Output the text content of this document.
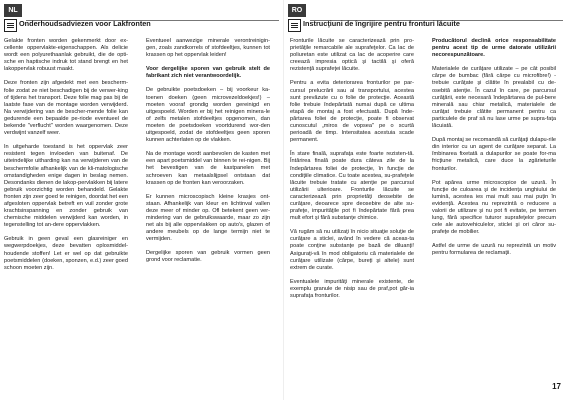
NL
Onderhoudsadviezen voor Lakfronten

Gelakte fronten worden gekenmerkt door ex-cellente oppervlakte-eigenschappen. Als delicie wordt een polyurethaanlak gebruikt, die de opti-sche en haptische indruk tot stand brengt en het lakoppervlak robuust maakt.

Deze fronten zijn afgedekt met een bescherm-folie zodat ze niet beschadigen bij de verwer-king of tijdens het transport. Deze folie mag pas bij de laatste fase van de montage worden verwijderd. Na verwijdering van de bescher-mende folie kan gedurende een bepaalde pe-riode eventueel de bekende "verflucht" worden waargenomen. Deze verdwijnt vanzelf weer.

In uitgeharde toestand is het oppervlak zeer resistent tegen invloeden van buitenaf. De uiteindelijke uitharding kan na verwijderen van de beschermfolie afhankelijk van de kli-matologische omstandigheden enige dagen in beslag nemen. Desondanks dienen de lakop-pervlakken bij latere gebruik voorzichtig worden behandeld. Gelakte fronten zijn zeer goed te reinigen, doordat het een afgesloten oppervlak betreft en vuil zonder grote krachtsinspanning en zonder gebruik van chemische middelen verwijderd kan worden, in tegenstelling tot an-dere oppervlakken.

Gebruik in geen geval een glasreiniger en wegwerpdoekjes, deze bevatten oplosmiddel-houdende stoffen! Let er wel op dat gebruikte poetsmiddelen (doeken, sponzen, e.d.) zeer goed schoon moeten zijn.

Eventueel aanwezige minerale verontreinigin-gen, zoals zandkorrels of stofdeeltjes, kunnen tot krassen op het oppervlak leiden!

Voor dergelijke sporen van gebruik stelt de fabrikant zich niet verantwoordelijk.

De gebruikte poetsdoeken – bij voorkeur ka-toenen doeken (geen microvezeldoekjes!) – moeten vooraf grondig worden gereinigd en uitgespoeld. Worden er bij het reinigen minera-le of zelfs metalen stofdeeltjes opgenomen, dan moeten de poetsdoeken voortdurend wor-den uitgespoeld, zodat de stofdeeltjes geen sporen kunnen achterlaten op de vlakken.

Na de montage wordt aanbevolen de kasten met een apart poetsmiddel van binnen te rei-nigen. Bij het bevestigen van de kastpanelen met schroeven kan metaalslijpsel ontstaan dat krassen op de fronten kan veroorzaken.

Er kunnen microscopisch kleine krasjes ont-staan. Afhankelijk van kleur en lichtinval vallen deze meer of minder op. Ofl betekent geen ver-mindering van de gebruikswaarde, maar zo zijn net als bij alle oppervlakken op auto's, glazen of andere meubels op de lange termijn niet te vermijden.

Dergelijke sporen van gebruik vormen geen grond voor reclamatie.

RO
Instrucţiuni de îngrijire pentru fronturi lăcuite

Fronturile lăcuite se caracterizează prin pro-prietăţile remarcabile ale suprafeţelor. Ca lac de poliuretan este utilizat ca lac de acoperire care creează impresia optică şi tactilă şi oferă rezistenţă suprafeţei lăcuite.

Pentru a evita deteriorarea fronturilor pe par-cursul prelucrării sau al transportului, acestea sunt prevăzute cu o folie de protecţie. Această folie trebuie îndepărtată numai după ce ultima etapă de montaj a fost efectuată. După înde-părtarea foliei de protecţie, poate fi observat cunoscutul „miros de vopsea" pe o scurtă perioadă de timp. Intensitatea acestuia scade permanent.

În stare finală, suprafaţa este foarte rezisten-tă. Întărirea finală poate dura câteva zile de la îndepărtarea foliei de protecţie, în funcţie de condiţiile climatice. Cu toate acestea, su-prafeţele lăcuite trebuie tratate cu atenţie pe parcursul utilizării ulterioare. Fronturile lăcuite se caracterizează prin proprietăţi deosebite de curăţare, deoarece spre deosebire de alte su-prafeţe, impurităţile pot fi îndepărtate fără prea mult efort şi fără substanţe chimice.

Vă rugăm să nu utilizaţi în nicio situaţie soluţie de curăţare a sticlei, având în vedere că aceas-ta poate conţine substanţe pe bază de diluanţi! Asiguraţi-vă în mod obligatoriu că materialele de curăţare utilizate (cârpe, bureţi şi altele) sunt extrem de curate.

Eventualele impurităţi minerale existente, de exemplu granule de nisip sau de praf,pot găr-ia suprafaţa fronturilor.

Producătorul declină orice responsabilitate pentru acest tip de urme datorate utilizării necorespunzătoare.

Materialele de curăţare utilizate – pe cât posibil cârpe de bumbac (fără cârpe cu microfibre!) - trebuie curăţate şi clătite în prealabil cu de-osebită atenţie. În cazul în care, pe parcursul curăţării, este necesară îndepărtarea de pul-bere minerală sau chiar metalică, materialele de curăţat trebuie clătite permanent pentru ca particulele de praf să nu lase urme pe supra-faţa lăcuiată.

După montaj se recomandă să curăţaţi dulapu-rile din interior cu un agent de curăţare separat. La îmbinarea fixetată a dulapurilor se poate for-ma fricţiune metalică, care duce la zgârieturile fronturilor.

Pot apărea urme microscopice de uzură. În funcţie de culoarea şi de incidenţa unghiului de lumină, acestea ies mai mult sau mai puţin în evidenţă. Acestea nu reprezintă o reducere a valorii de utilizare şi nu pot fi evitate, pe termen lung, fără specifice tuturor suprafeţelor precum cele ale autovehiculelor, sticlei şi ori căror su-prafeţe de mobilier.

Astfel de urme de uzură nu reprezintă un motiv pentru formularea de reclamaţii.

17
